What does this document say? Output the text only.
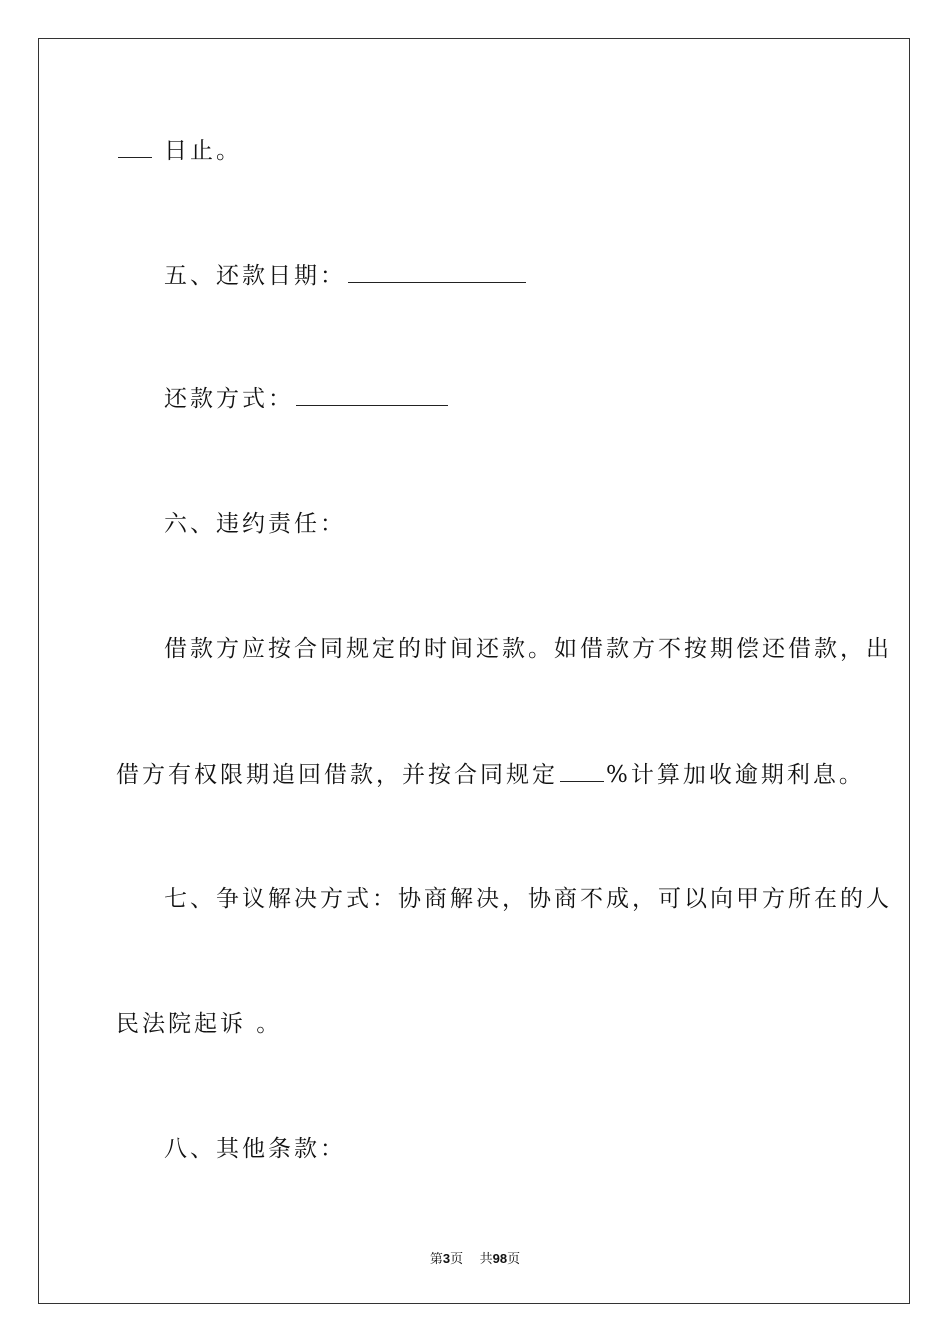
日止。
五、还款日期：
还款方式：
六、违约责任：
借款方应按合同规定的时间还款。如借款方不按期偿还借款，出
借方有权限期追回借款，并按合同规定 %计算加收逾期利息。
七、争议解决方式：协商解决，协商不成，可以向甲方所在的人
民法院起诉 。
八、其他条款：
第3页 共98页
